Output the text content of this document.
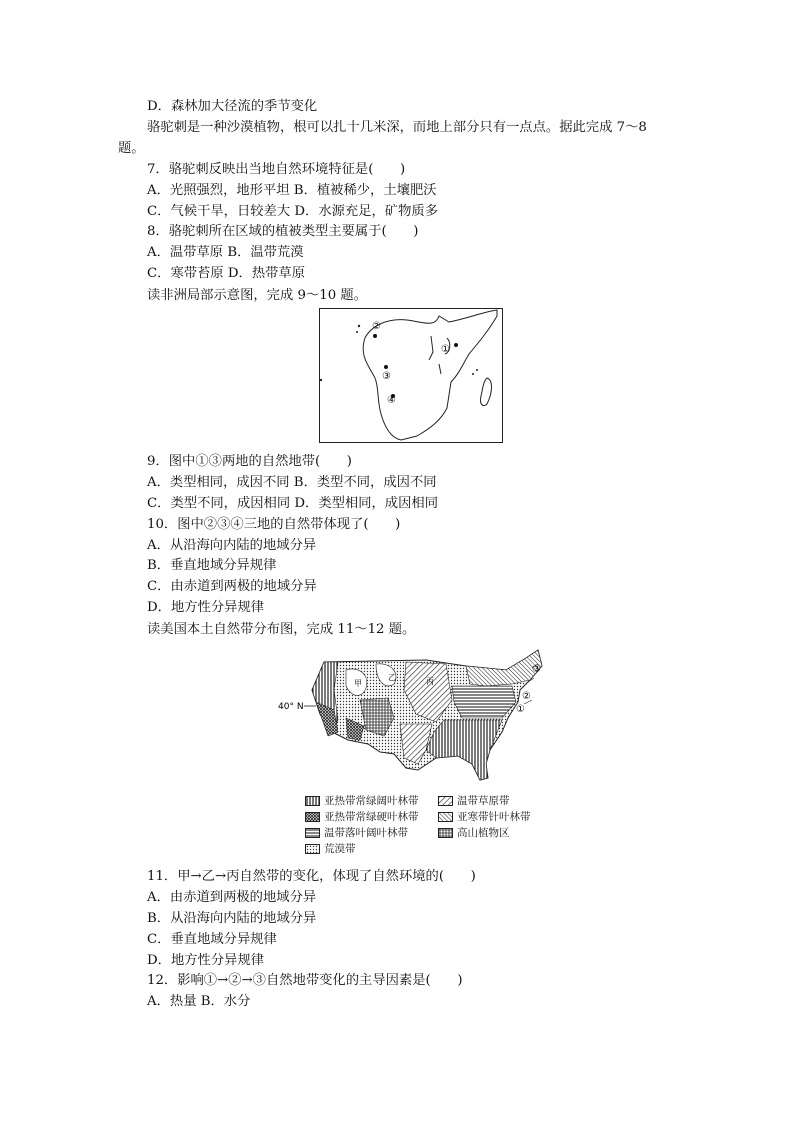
D．森林加大径流的季节变化
骆驼刺是一种沙漠植物，根可以扎十几米深，而地上部分只有一点点。据此完成 7～8
题。
7．骆驼刺反映出当地自然环境特征是(　　)
A．光照强烈，地形平坦 B．植被稀少，土壤肥沃
C．气候干旱，日较差大 D．水源充足，矿物质多
8．骆驼刺所在区域的植被类型主要属于(　　)
A．温带草原 B．温带荒漠
C．寒带苔原 D．热带草原
读非洲局部示意图，完成 9～10 题。
①
②
③
④
9．图中①③两地的自然地带(　　)
A．类型相同，成因不同 B．类型不同，成因不同
C．类型不同，成因相同 D．类型相同，成因相同
10．图中②③④三地的自然带体现了(　　)
A．从沿海向内陆的地域分异
B．垂直地域分异规律
C．由赤道到两极的地域分异
D．地方性分异规律
读美国本土自然带分布图，完成 11～12 题。
40° N
甲
乙	丙
①
②
③
亚热带常绿阔叶林带	温带草原带
亚热带常绿硬叶林带	亚寒带针叶林带
温带落叶阔叶林带	高山植物区
荒漠带
11．甲→乙→丙自然带的变化，体现了自然环境的(　　)
A．由赤道到两极的地域分异
B．从沿海向内陆的地域分异
C．垂直地域分异规律
D．地方性分异规律
12．影响①→②→③自然地带变化的主导因素是(　　)
A．热量 B．水分
